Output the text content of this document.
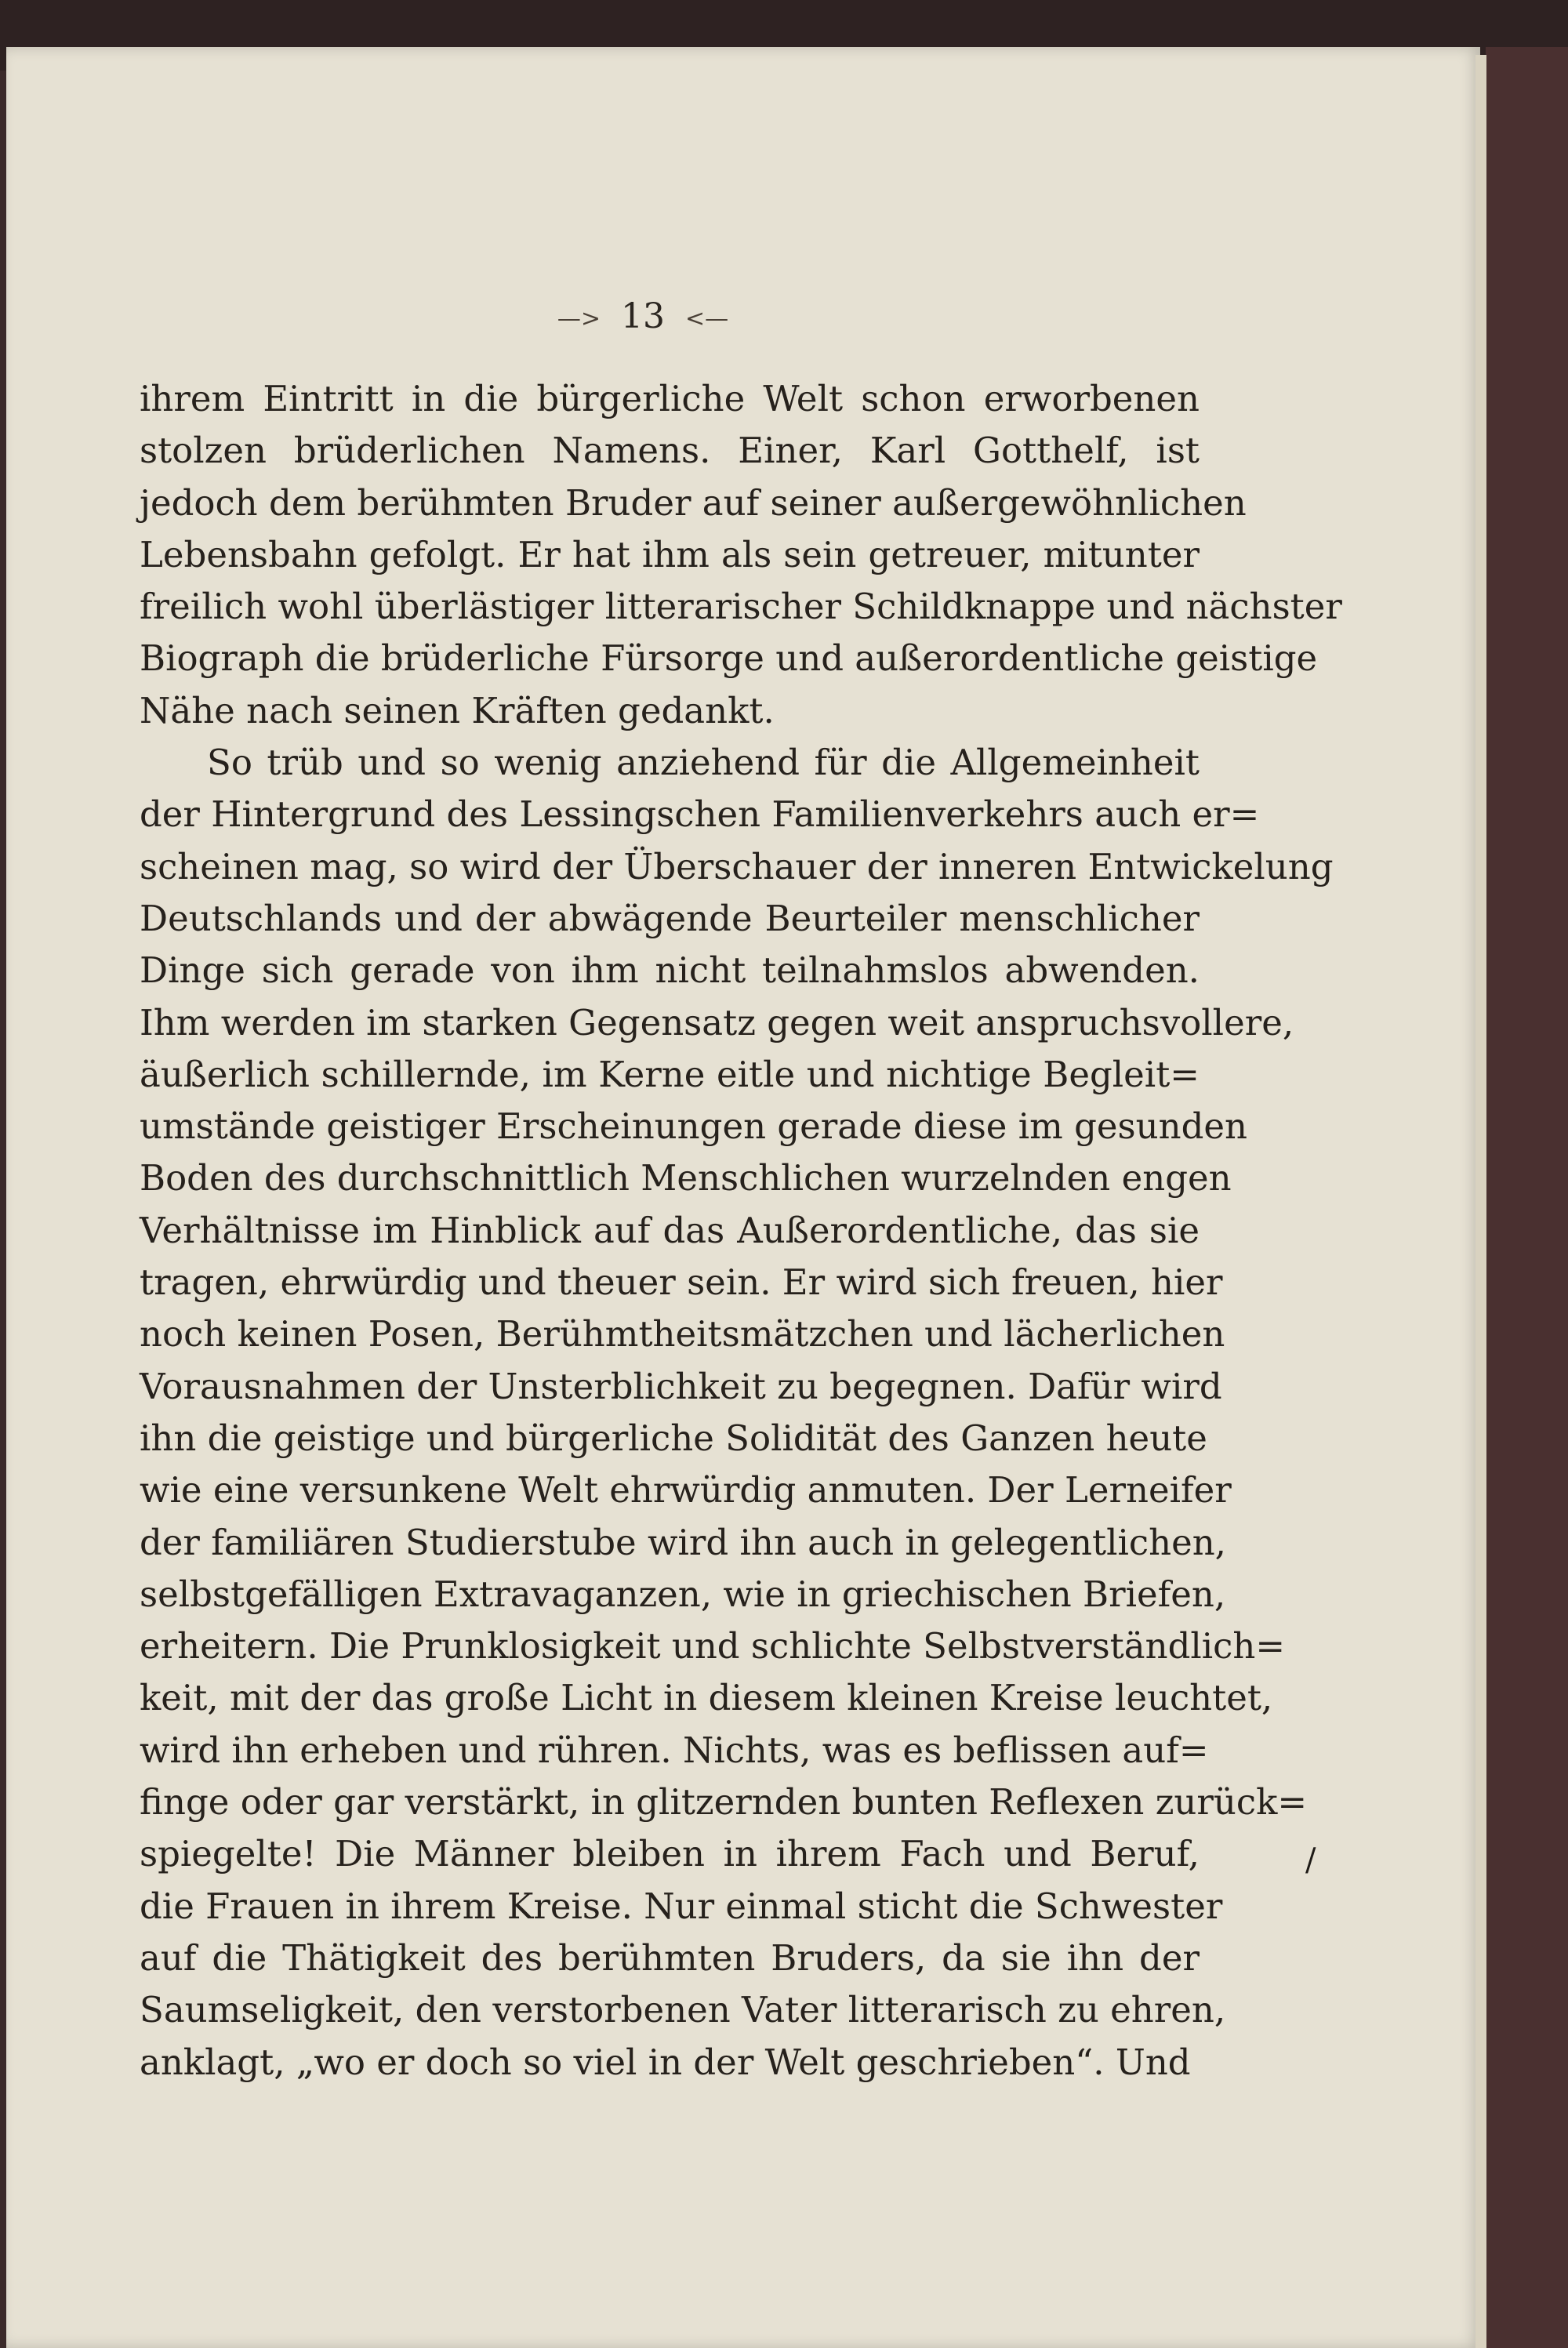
—> 13 <—
ihrem Eintritt in die bürgerliche Welt schon erworbenen
stolzen brüderlichen Namens. Einer, Karl Gotthelf, ist
jedoch dem berühmten Bruder auf seiner außergewöhnlichen
Lebensbahn gefolgt. Er hat ihm als sein getreuer, mitunter
freilich wohl überlästiger litterarischer Schildknappe und nächster
Biograph die brüderliche Fürsorge und außerordentliche geistige
Nähe nach seinen Kräften gedankt.
So trüb und so wenig anziehend für die Allgemeinheit
der Hintergrund des Lessingschen Familienverkehrs auch er=
scheinen mag, so wird der Überschauer der inneren Entwickelung
Deutschlands und der abwägende Beurteiler menschlicher
Dinge sich gerade von ihm nicht teilnahmslos abwenden.
Ihm werden im starken Gegensatz gegen weit anspruchsvollere,
äußerlich schillernde, im Kerne eitle und nichtige Begleit=
umstände geistiger Erscheinungen gerade diese im gesunden
Boden des durchschnittlich Menschlichen wurzelnden engen
Verhältnisse im Hinblick auf das Außerordentliche, das sie
tragen, ehrwürdig und theuer sein. Er wird sich freuen, hier
noch keinen Posen, Berühmtheitsmätzchen und lächerlichen
Vorausnahmen der Unsterblichkeit zu begegnen. Dafür wird
ihn die geistige und bürgerliche Solidität des Ganzen heute
wie eine versunkene Welt ehrwürdig anmuten. Der Lerneifer
der familiären Studierstube wird ihn auch in gelegentlichen,
selbstgefälligen Extravaganzen, wie in griechischen Briefen,
erheitern. Die Prunklosigkeit und schlichte Selbstverständlich=
keit, mit der das große Licht in diesem kleinen Kreise leuchtet,
wird ihn erheben und rühren. Nichts, was es beflissen auf=
finge oder gar verstärkt, in glitzernden bunten Reflexen zurück=
spiegelte! Die Männer bleiben in ihrem Fach und Beruf,
die Frauen in ihrem Kreise. Nur einmal sticht die Schwester
auf die Thätigkeit des berühmten Bruders, da sie ihn der
Saumseligkeit, den verstorbenen Vater litterarisch zu ehren,
anklagt, „wo er doch so viel in der Welt geschrieben“. Und
/
